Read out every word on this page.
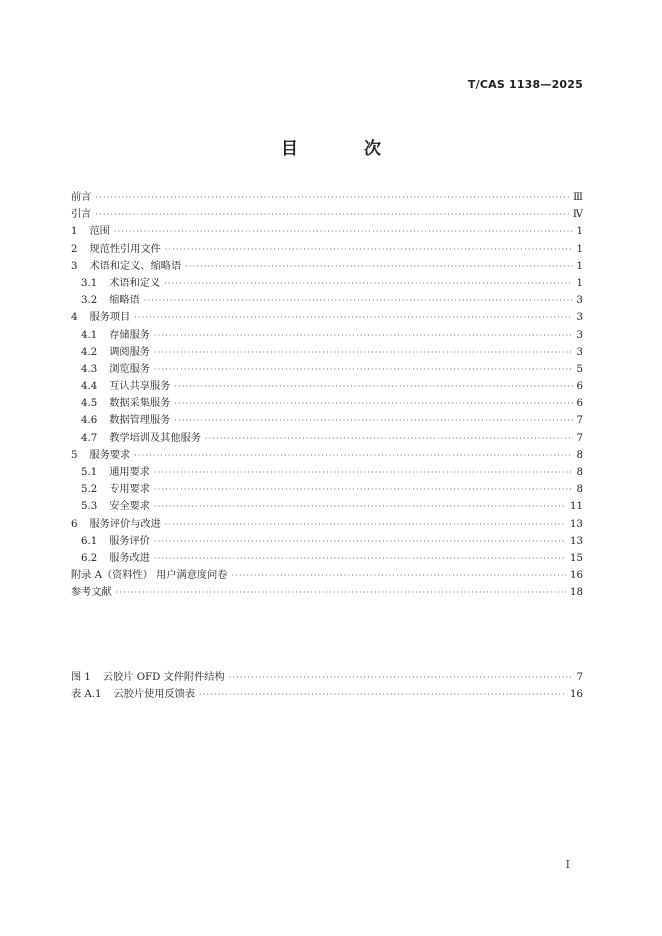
T/CAS 1138—2025
目 次
前言 ·····	Ⅲ
引言 ·····	Ⅳ
1 范围 ·····	1
2 规范性引用文件 ·····	1
3 术语和定义、缩略语 ·····	1
3.1 术语和定义 ·····	1
3.2 缩略语 ·····	3
4 服务项目 ·····	3
4.1 存储服务 ·····	3
4.2 调阅服务 ·····	3
4.3 浏览服务 ·····	5
4.4 互认共享服务 ·····	6
4.5 数据采集服务 ·····	6
4.6 数据管理服务 ·····	7
4.7 教学培训及其他服务 ·····	7
5 服务要求 ·····	8
5.1 通用要求 ·····	8
5.2 专用要求 ·····	8
5.3 安全要求 ·····	11
6 服务评价与改进 ·····	13
6.1 服务评价 ·····	13
6.2 服务改进 ·····	15
附录 A（资料性） 用户满意度问卷 ·····	16
参考文献 ·····	18
图 1 云胶片 OFD 文件附件结构 ·····	7
表 A.1 云胶片使用反馈表 ·····	16
I
